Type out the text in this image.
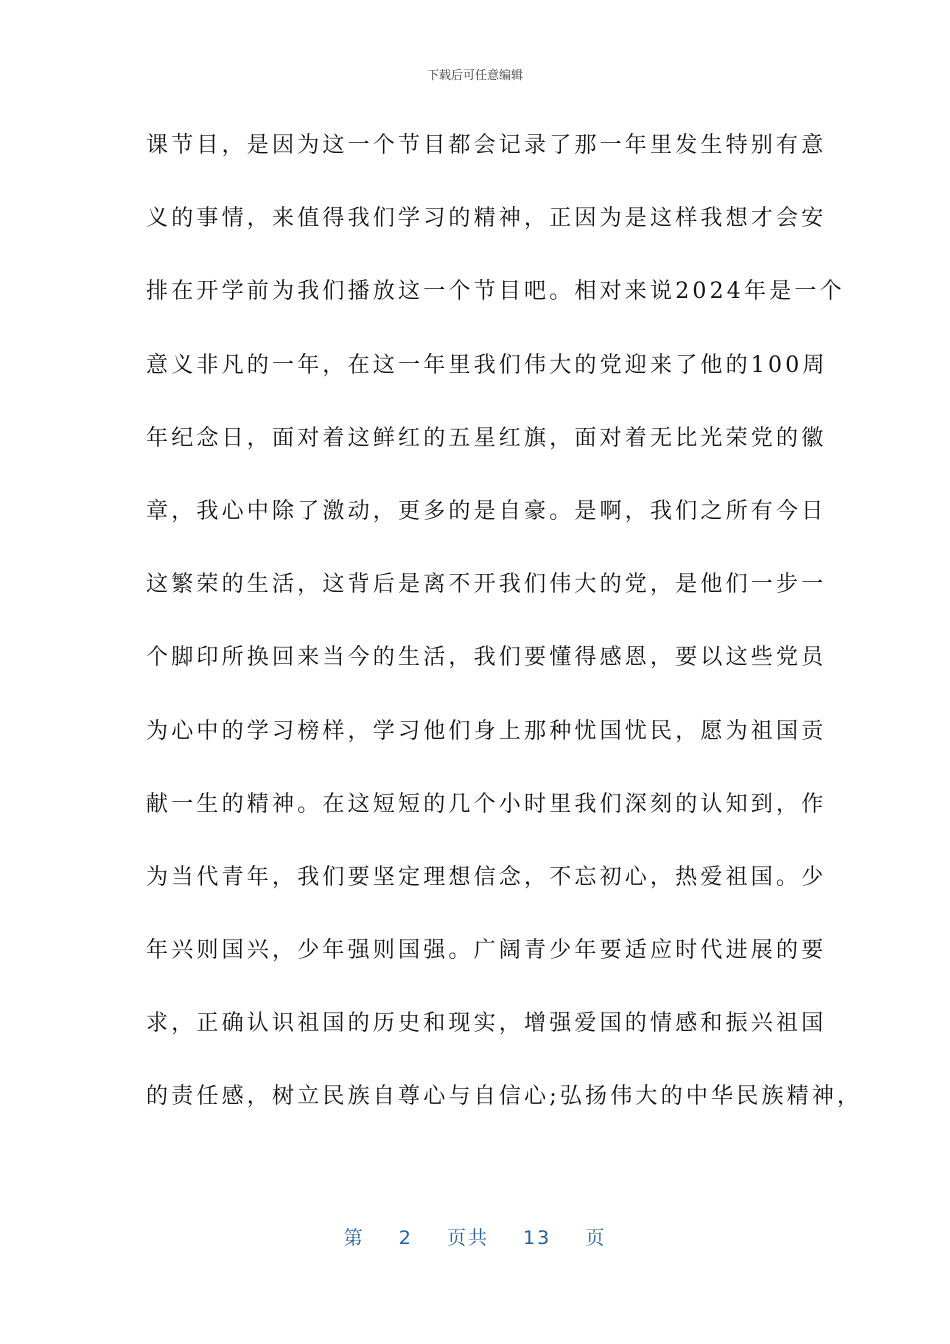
下载后可任意编辑
课节目，是因为这一个节目都会记录了那一年里发生特别有意
义的事情，来值得我们学习的精神，正因为是这样我想才会安
排在开学前为我们播放这一个节目吧。相对来说2024年是一个
意义非凡的一年，在这一年里我们伟大的党迎来了他的100周
年纪念日，面对着这鲜红的五星红旗，面对着无比光荣党的徽
章，我心中除了激动，更多的是自豪。是啊，我们之所有今日
这繁荣的生活，这背后是离不开我们伟大的党，是他们一步一
个脚印所换回来当今的生活，我们要懂得感恩，要以这些党员
为心中的学习榜样，学习他们身上那种忧国忧民，愿为祖国贡
献一生的精神。在这短短的几个小时里我们深刻的认知到，作
为当代青年，我们要坚定理想信念，不忘初心，热爱祖国。少
年兴则国兴，少年强则国强。广阔青少年要适应时代进展的要
求，正确认识祖国的历史和现实，增强爱国的情感和振兴祖国
的责任感，树立民族自尊心与自信心;弘扬伟大的中华民族精神，
第 2 页共 13 页
